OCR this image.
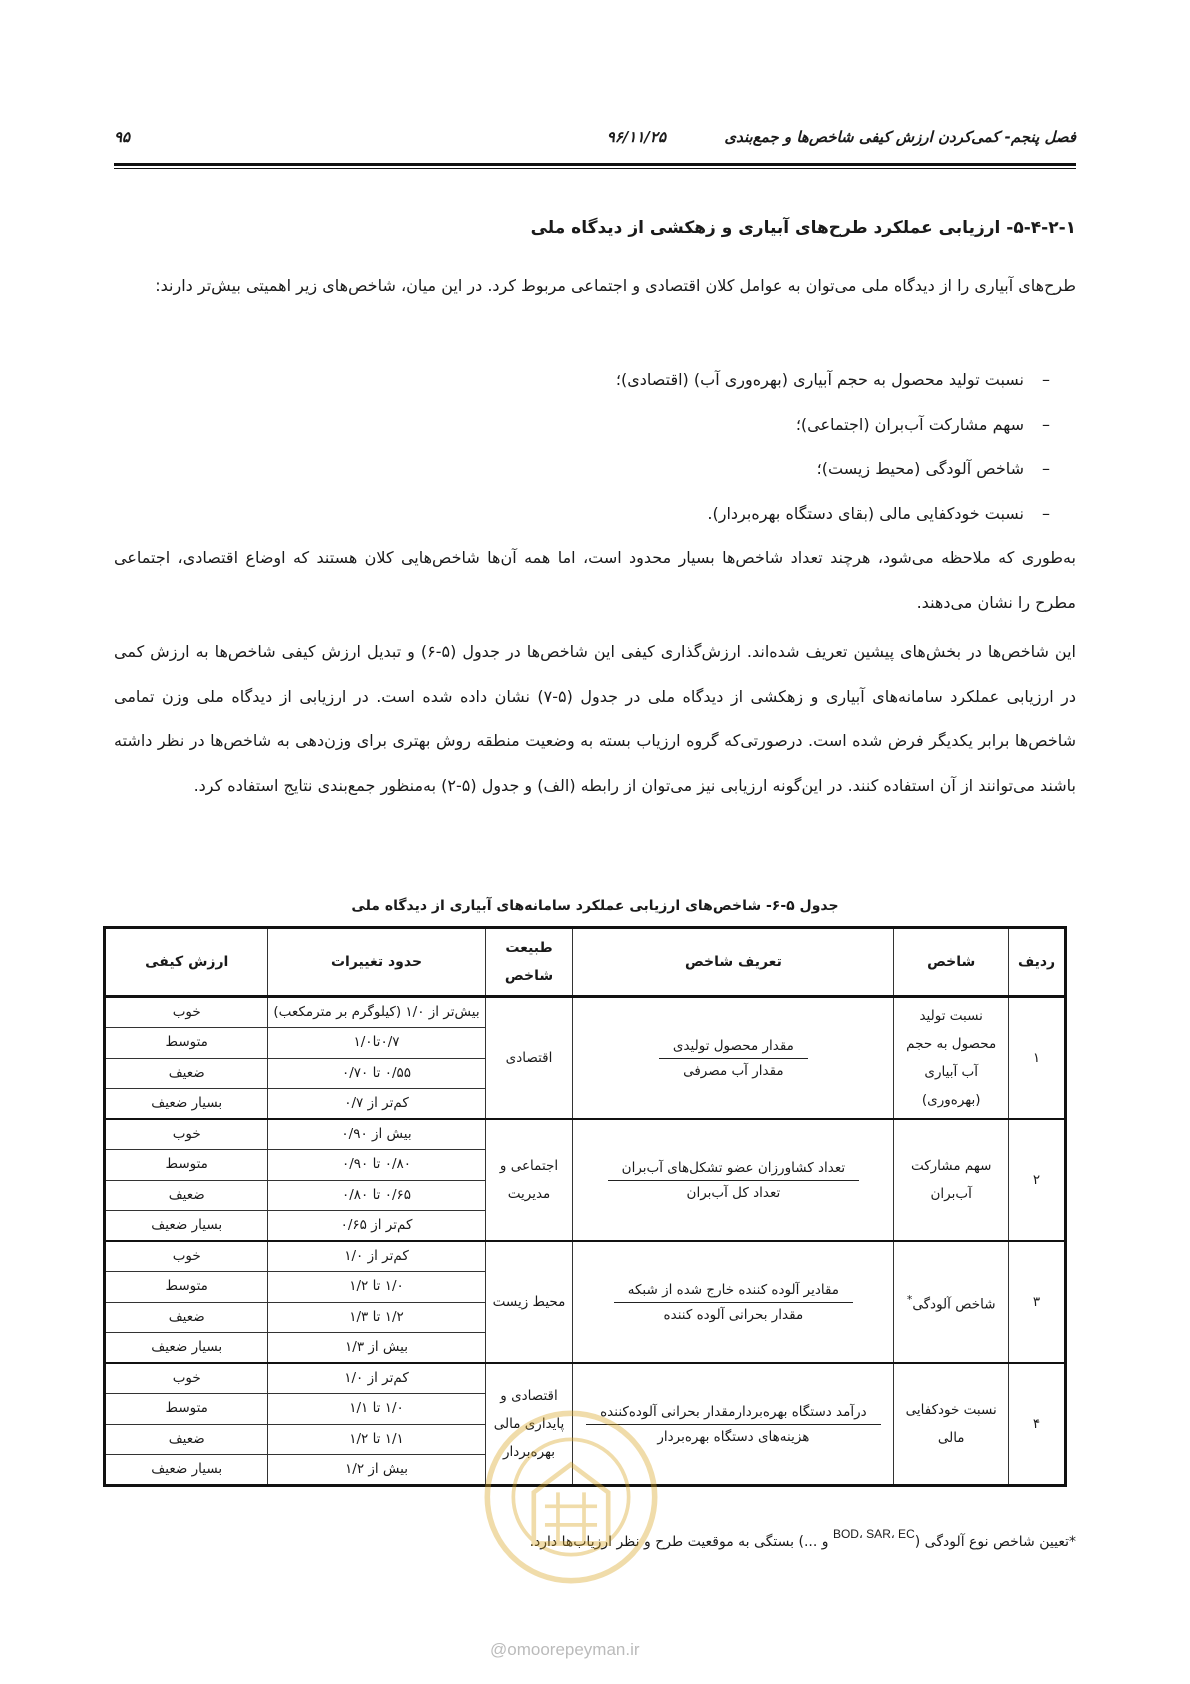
فصل پنجم- کمی‌کردن ارزش کیفی شاخص‌ها و جمع‌بندی
۹۶/۱۱/۲۵
۹۵
۵-۴-۲-۱- ارزیابی عملکرد طرح‌های آبیاری و زهکشی از دیدگاه ملی
طرح‌های آبیاری را از دیدگاه ملی می‌توان به عوامل کلان اقتصادی و اجتماعی مربوط کرد. در این میان، شاخص‌های زیر اهمیتی بیش‌تر دارند:
– نسبت تولید محصول به حجم آبیاری (بهره‌وری آب) (اقتصادی)؛
– سهم مشارکت آب‌بران (اجتماعی)؛
– شاخص آلودگی (محیط زیست)؛
– نسبت خودکفایی مالی (بقای دستگاه بهره‌بردار).
به‌طوری که ملاحظه می‌شود، هرچند تعداد شاخص‌ها بسیار محدود است، اما همه آن‌ها شاخص‌هایی کلان هستند که اوضاع اقتصادی، اجتماعی مطرح را نشان می‌دهند.
این شاخص‌ها در بخش‌های پیشین تعریف شده‌اند. ارزش‌گذاری کیفی این شاخص‌ها در جدول (۵-۶) و تبدیل ارزش کیفی شاخص‌ها به ارزش کمی در ارزیابی عملکرد سامانه‌های آبیاری و زهکشی از دیدگاه ملی در جدول (۵-۷) نشان داده شده است. در ارزیابی از دیدگاه ملی وزن تمامی شاخص‌ها برابر یکدیگر فرض شده است. درصورتی‌که گروه ارزیاب بسته به وضعیت منطقه روش بهتری برای وزن‌دهی به شاخص‌ها در نظر داشته باشند می‌توانند از آن استفاده کنند. در این‌گونه ارزیابی نیز می‌توان از رابطه (الف) و جدول (۵-۲) به‌منظور جمع‌بندی نتایج استفاده کرد.
جدول ۵-۶- شاخص‌های ارزیابی عملکرد سامانه‌های آبیاری از دیدگاه ملی
ردیف	شاخص	تعریف شاخص	طبیعت شاخص	حدود تغییرات	ارزش کیفی
۱	نسبت تولید محصول به حجم آب آبیاری (بهره‌وری)	$\frac{\text{مقدار محصول تولیدی}}{\text{مقدار آب مصرفی}}$	اقتصادی	بیش‌تر از ۱/۰ (کیلوگرم بر مترمکعب)	خوب
				۰/۷تا۱/۰	متوسط
				۰/۵۵ تا ۰/۷۰	ضعیف
				کم‌تر از ۰/۷	بسیار ضعیف
۲	سهم مشارکت آب‌بران	$\frac{\text{تعداد کشاورزان عضو تشکل‌های آب‌بران}}{\text{تعداد کل آب‌بران}}$	اجتماعی و مدیریت	بیش از ۰/۹۰	خوب
				۰/۸۰ تا ۰/۹۰	متوسط
				۰/۶۵ تا ۰/۸۰	ضعیف
				کم‌تر از ۰/۶۵	بسیار ضعیف
۳	شاخص آلودگی*	$\frac{\text{مقادیر آلوده کننده خارج شده از شبکه}}{\text{مقدار بحرانی آلوده کننده}}$	محیط زیست	کم‌تر از ۱/۰	خوب
				۱/۰ تا ۱/۲	متوسط
				۱/۲ تا ۱/۳	ضعیف
				بیش از ۱/۳	بسیار ضعیف
۴	نسبت خودکفایی مالی	$\frac{\text{درآمد دستگاه بهره‌بردارمقدار بحرانی آلوده‌کننده}}{\text{هزینه‌های دستگاه بهره‌بردار}}$	اقتصادی و پایداری مالی بهره‌بردار	کم‌تر از ۱/۰	خوب
				۱/۰ تا ۱/۱	متوسط
				۱/۱ تا ۱/۲	ضعیف
				بیش از ۱/۲	بسیار ضعیف
*تعیین شاخص نوع آلودگی (BOD، SAR، EC و ...) بستگی به موقعیت طرح و نظر ارزیاب‌ها دارد.
@omoorepeyman.ir
